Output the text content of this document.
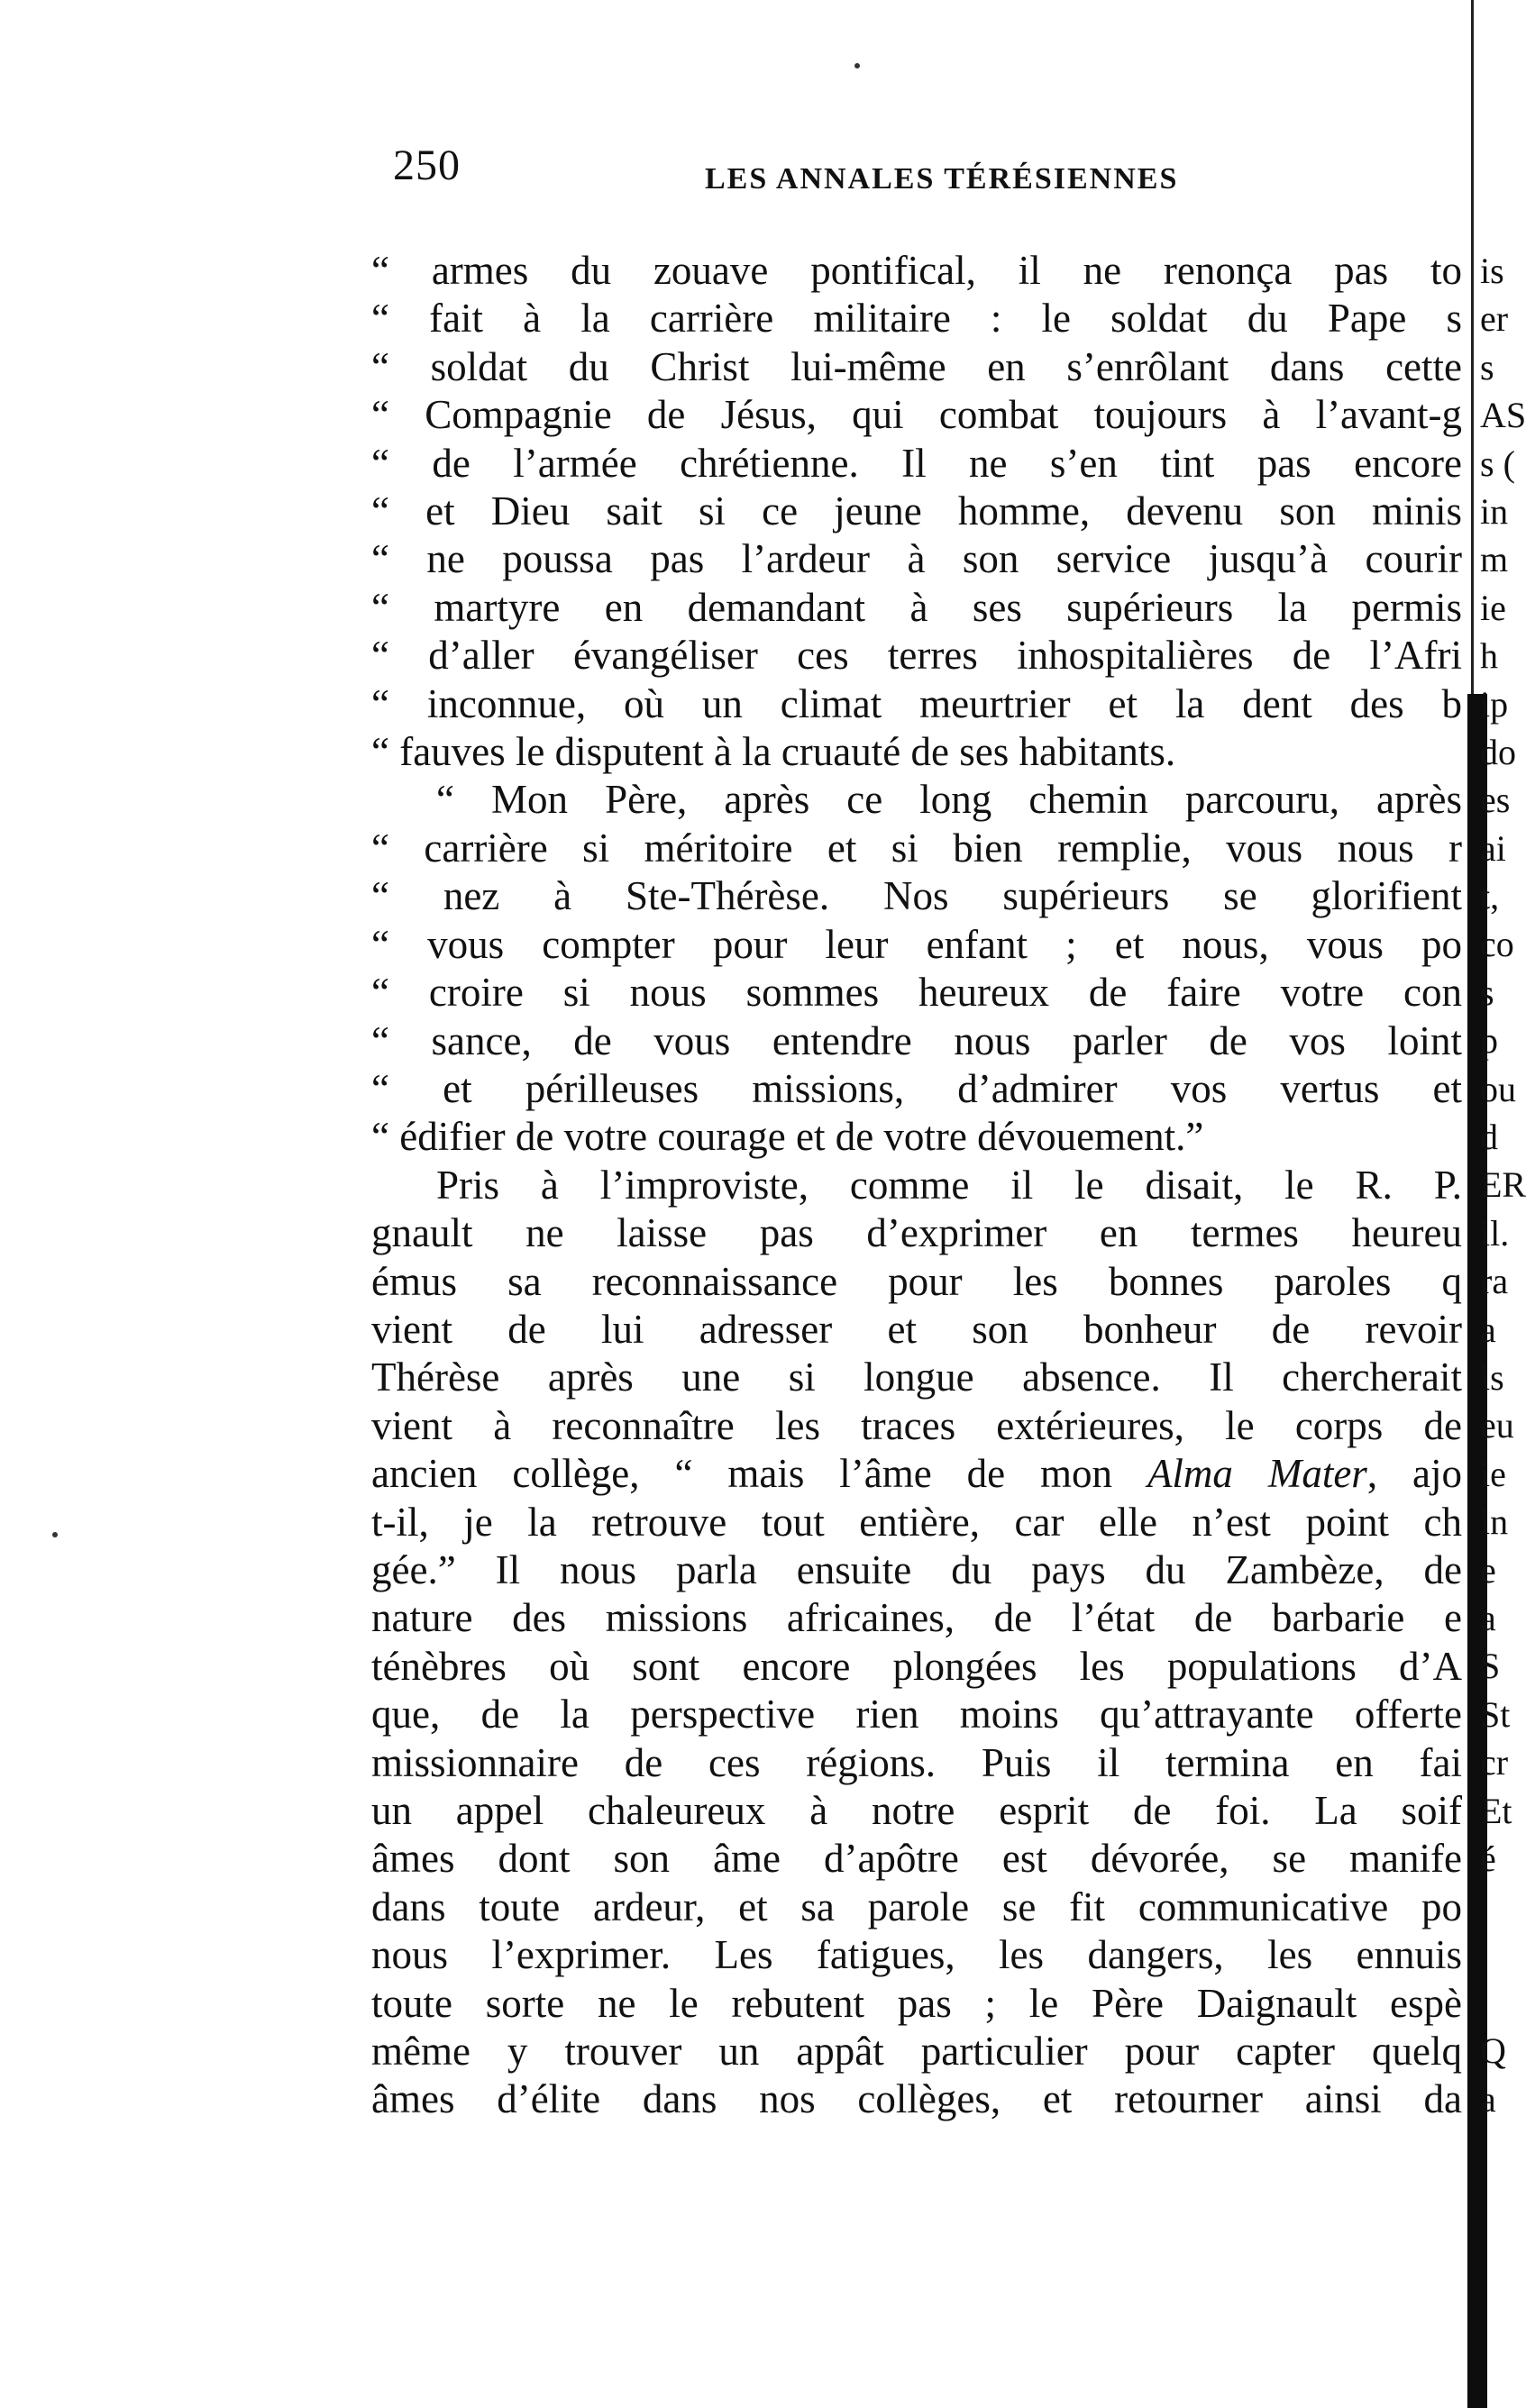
250	LES ANNALES TÉRÉSIENNES
“ armes du zouave pontifical, il ne renonça pas to
“ fait à la carrière militaire : le soldat du Pape s
“ soldat du Christ lui-même en s’enrôlant dans cette
“ Compagnie de Jésus, qui combat toujours à l’avant-g
“ de l’armée chrétienne. Il ne s’en tint pas encore
“ et Dieu sait si ce jeune homme, devenu son minis
“ ne poussa pas l’ardeur à son service jusqu’à courir
“ martyre en demandant à ses supérieurs la permis
“ d’aller évangéliser ces terres inhospitalières de l’Afri
“ inconnue, où un climat meurtrier et la dent des b
“ fauves le disputent à la cruauté de ses habitants.
“ Mon Père, après ce long chemin parcouru, après
“ carrière si méritoire et si bien remplie, vous nous r
“ nez à Ste-Thérèse. Nos supérieurs se glorifient
“ vous compter pour leur enfant ; et nous, vous po
“ croire si nous sommes heureux de faire votre con
“ sance, de vous entendre nous parler de vos loint
“ et périlleuses missions, d’admirer vos vertus et
“ édifier de votre courage et de votre dévouement.”
Pris à l’improviste, comme il le disait, le R. P.
gnault ne laisse pas d’exprimer en termes heureu
émus sa reconnaissance pour les bonnes paroles q
vient de lui adresser et son bonheur de revoir
Thérèse après une si longue absence. Il chercherait
vient à reconnaître les traces extérieures, le corps de
ancien collège, “ mais l’âme de mon Alma Mater, ajo
t-il, je la retrouve tout entière, car elle n’est point ch
gée.” Il nous parla ensuite du pays du Zambèze, de
nature des missions africaines, de l’état de barbarie e
ténèbres où sont encore plongées les populations d’A
que, de la perspective rien moins qu’attrayante offerte
missionnaire de ces régions. Puis il termina en fai
un appel chaleureux à notre esprit de foi. La soif
âmes dont son âme d’apôtre est dévorée, se manife
dans toute ardeur, et sa parole se fit communicative po
nous l’exprimer. Les fatigues, les dangers, les ennuis
toute sorte ne le rebutent pas ; le Père Daignault espè
même y trouver un appât particulier pour capter quelq
âmes d’élite dans nos collèges, et retourner ainsi da
is
er
s
AS
s (
in
m
ie
h
ip
do
es
ai
t,
co
s
p
ou
d
ER
il.
ra
a
is
eu
ie
in
e
a
S
St
cr
Et
é
Q
a
